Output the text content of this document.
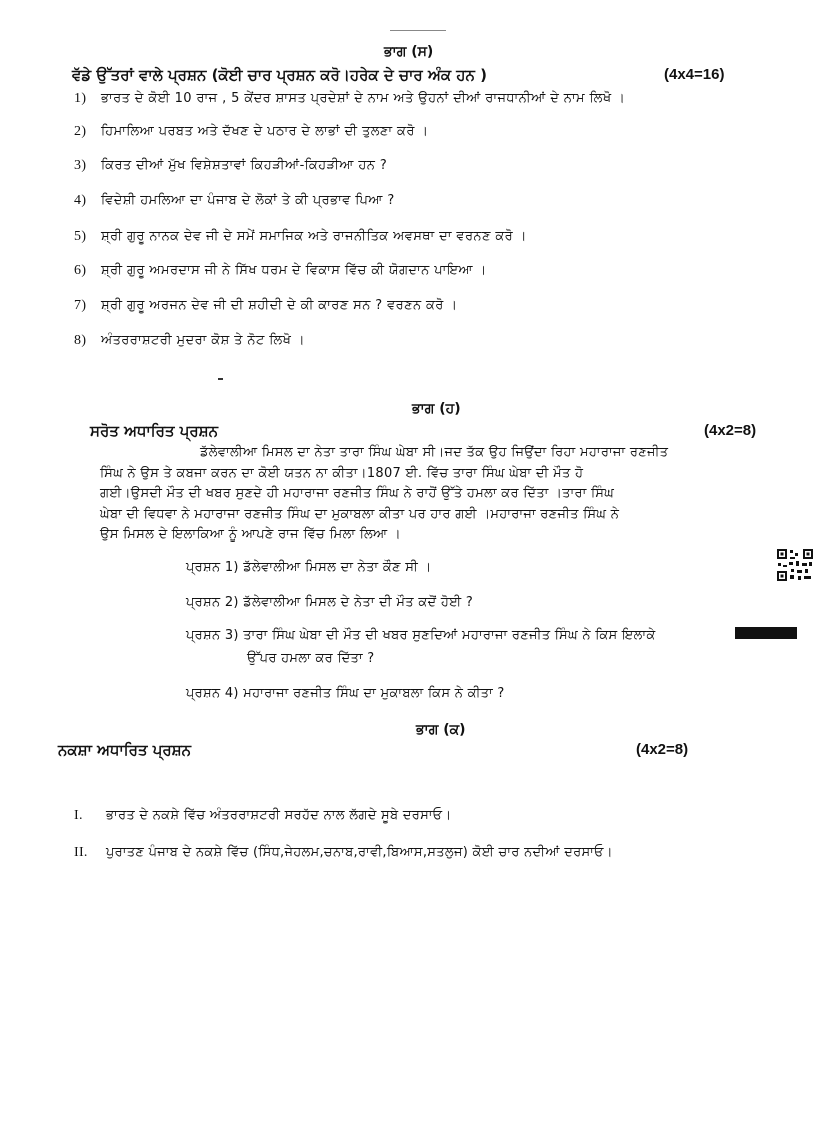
ਭਾਗ (ਸ)
ਵੱਡੇ ਉੱਤਰਾਂ ਵਾਲੇ ਪ੍ਰਸ਼ਨ (ਕੋਈ ਚਾਰ ਪ੍ਰਸ਼ਨ ਕਰੋ।ਹਰੇਕ ਦੇ ਚਾਰ ਅੰਕ ਹਨ )	(4x4=16)
1) ਭਾਰਤ ਦੇ ਕੋਈ 10 ਰਾਜ , 5 ਕੇਂਦਰ ਸ਼ਾਸਤ ਪ੍ਰਦੇਸ਼ਾਂ ਦੇ ਨਾਮ ਅਤੇ ਉਹਨਾਂ ਦੀਆਂ ਰਾਜਧਾਨੀਆਂ ਦੇ ਨਾਮ ਲਿਖੋ ।
2) ਹਿਮਾਲਿਆ ਪਰਬਤ ਅਤੇ ਦੱਖਣ ਦੇ ਪਠਾਰ ਦੇ ਲਾਭਾਂ ਦੀ ਤੁਲਣਾ ਕਰੋ ।
3) ਕਿਰਤ ਦੀਆਂ ਮੁੱਖ ਵਿਸ਼ੇਸ਼ਤਾਵਾਂ ਕਿਹੜੀਆਂ-ਕਿਹੜੀਆ ਹਨ ?
4) ਵਿਦੇਸ਼ੀ ਹਮਲਿਆ ਦਾ ਪੰਜਾਬ ਦੇ ਲੋਕਾਂ ਤੇ ਕੀ ਪ੍ਰਭਾਵ ਪਿਆ ?
5) ਸ਼੍ਰੀ ਗੁਰੂ ਨਾਨਕ ਦੇਵ ਜੀ ਦੇ ਸਮੇਂ ਸਮਾਜਿਕ ਅਤੇ ਰਾਜਨੀਤਿਕ ਅਵਸਥਾ ਦਾ ਵਰਨਣ ਕਰੋ ।
6) ਸ਼੍ਰੀ ਗੁਰੂ ਅਮਰਦਾਸ ਜੀ ਨੇ ਸਿੱਖ ਧਰਮ ਦੇ ਵਿਕਾਸ ਵਿੱਚ ਕੀ ਯੋਗਦਾਨ ਪਾਇਆ ।
7) ਸ਼੍ਰੀ ਗੁਰੂ ਅਰਜਨ ਦੇਵ ਜੀ ਦੀ ਸ਼ਹੀਦੀ ਦੇ ਕੀ ਕਾਰਣ ਸਨ ? ਵਰਣਨ ਕਰੋ ।
8) ਅੰਤਰਰਾਸ਼ਟਰੀ ਮੁਦਰਾ ਕੋਸ਼ ਤੇ ਨੋਟ ਲਿਖੋ ।
ਭਾਗ (ਹ)
ਸਰੋਤ ਅਧਾਰਿਤ ਪ੍ਰਸ਼ਨ	(4x2=8)
ਡੱਲੇਵਾਲੀਆ ਮਿਸਲ ਦਾ ਨੇਤਾ ਤਾਰਾ ਸਿੰਘ ਘੇਬਾ ਸੀ।ਜਦ ਤੱਕ ਉਹ ਜਿਉਂਦਾ ਰਿਹਾ ਮਹਾਰਾਜਾ ਰਣਜੀਤ
ਸਿੰਘ ਨੇ ਉਸ ਤੇ ਕਬਜਾ ਕਰਨ ਦਾ ਕੋਈ ਯਤਨ ਨਾ ਕੀਤਾ।1807 ਈ. ਵਿੱਚ ਤਾਰਾ ਸਿੰਘ ਘੇਬਾ ਦੀ ਮੌਤ ਹੋ
ਗਈ।ਉਸਦੀ ਮੌਤ ਦੀ ਖਬਰ ਸੁਣਦੇ ਹੀ ਮਹਾਰਾਜਾ ਰਣਜੀਤ ਸਿੰਘ ਨੇ ਰਾਹੋਂ ਉੱਤੇ ਹਮਲਾ ਕਰ ਦਿੱਤਾ ।ਤਾਰਾ ਸਿੰਘ
ਘੇਬਾ ਦੀ ਵਿਧਵਾ ਨੇ ਮਹਾਰਾਜਾ ਰਣਜੀਤ ਸਿੰਘ ਦਾ ਮੁਕਾਬਲਾ ਕੀਤਾ ਪਰ ਹਾਰ ਗਈ ।ਮਹਾਰਾਜਾ ਰਣਜੀਤ ਸਿੰਘ ਨੇ
ਉਸ ਮਿਸਲ ਦੇ ਇਲਾਕਿਆ ਨੂੰ ਆਪਣੇ ਰਾਜ ਵਿੱਚ ਮਿਲਾ ਲਿਆ ।
ਪ੍ਰਸ਼ਨ 1) ਡੱਲੇਵਾਲੀਆ ਮਿਸਲ ਦਾ ਨੇਤਾ ਕੌਣ ਸੀ ।
ਪ੍ਰਸ਼ਨ 2) ਡੱਲੇਵਾਲੀਆ ਮਿਸਲ ਦੇ ਨੇਤਾ ਦੀ ਮੌਤ ਕਦੋਂ ਹੋਈ ?
ਪ੍ਰਸ਼ਨ 3) ਤਾਰਾ ਸਿੰਘ ਘੇਬਾ ਦੀ ਮੌਤ ਦੀ ਖਬਰ ਸੁਣਦਿਆਂ ਮਹਾਰਾਜਾ ਰਣਜੀਤ ਸਿੰਘ ਨੇ ਕਿਸ ਇਲਾਕੇ
ਉੱਪਰ ਹਮਲਾ ਕਰ ਦਿੱਤਾ ?
ਪ੍ਰਸ਼ਨ 4) ਮਹਾਰਾਜਾ ਰਣਜੀਤ ਸਿੰਘ ਦਾ ਮੁਕਾਬਲਾ ਕਿਸ ਨੇ ਕੀਤਾ ?
ਭਾਗ (ਕ)
ਨਕਸ਼ਾ ਅਧਾਰਿਤ ਪ੍ਰਸ਼ਨ	(4x2=8)
I. ਭਾਰਤ ਦੇ ਨਕਸ਼ੇ ਵਿੱਚ ਅੰਤਰਰਾਸ਼ਟਰੀ ਸਰਹੱਦ ਨਾਲ ਲੱਗਦੇ ਸੂਬੇ ਦਰਸਾਓ।
II. ਪੁਰਾਤਣ ਪੰਜਾਬ ਦੇ ਨਕਸ਼ੇ ਵਿੱਚ (ਸਿੰਧ,ਜੇਹਲਮ,ਚਨਾਬ,ਰਾਵੀ,ਬਿਆਸ,ਸਤਲੁਜ) ਕੋਈ ਚਾਰ ਨਦੀਆਂ ਦਰਸਾਓ।
